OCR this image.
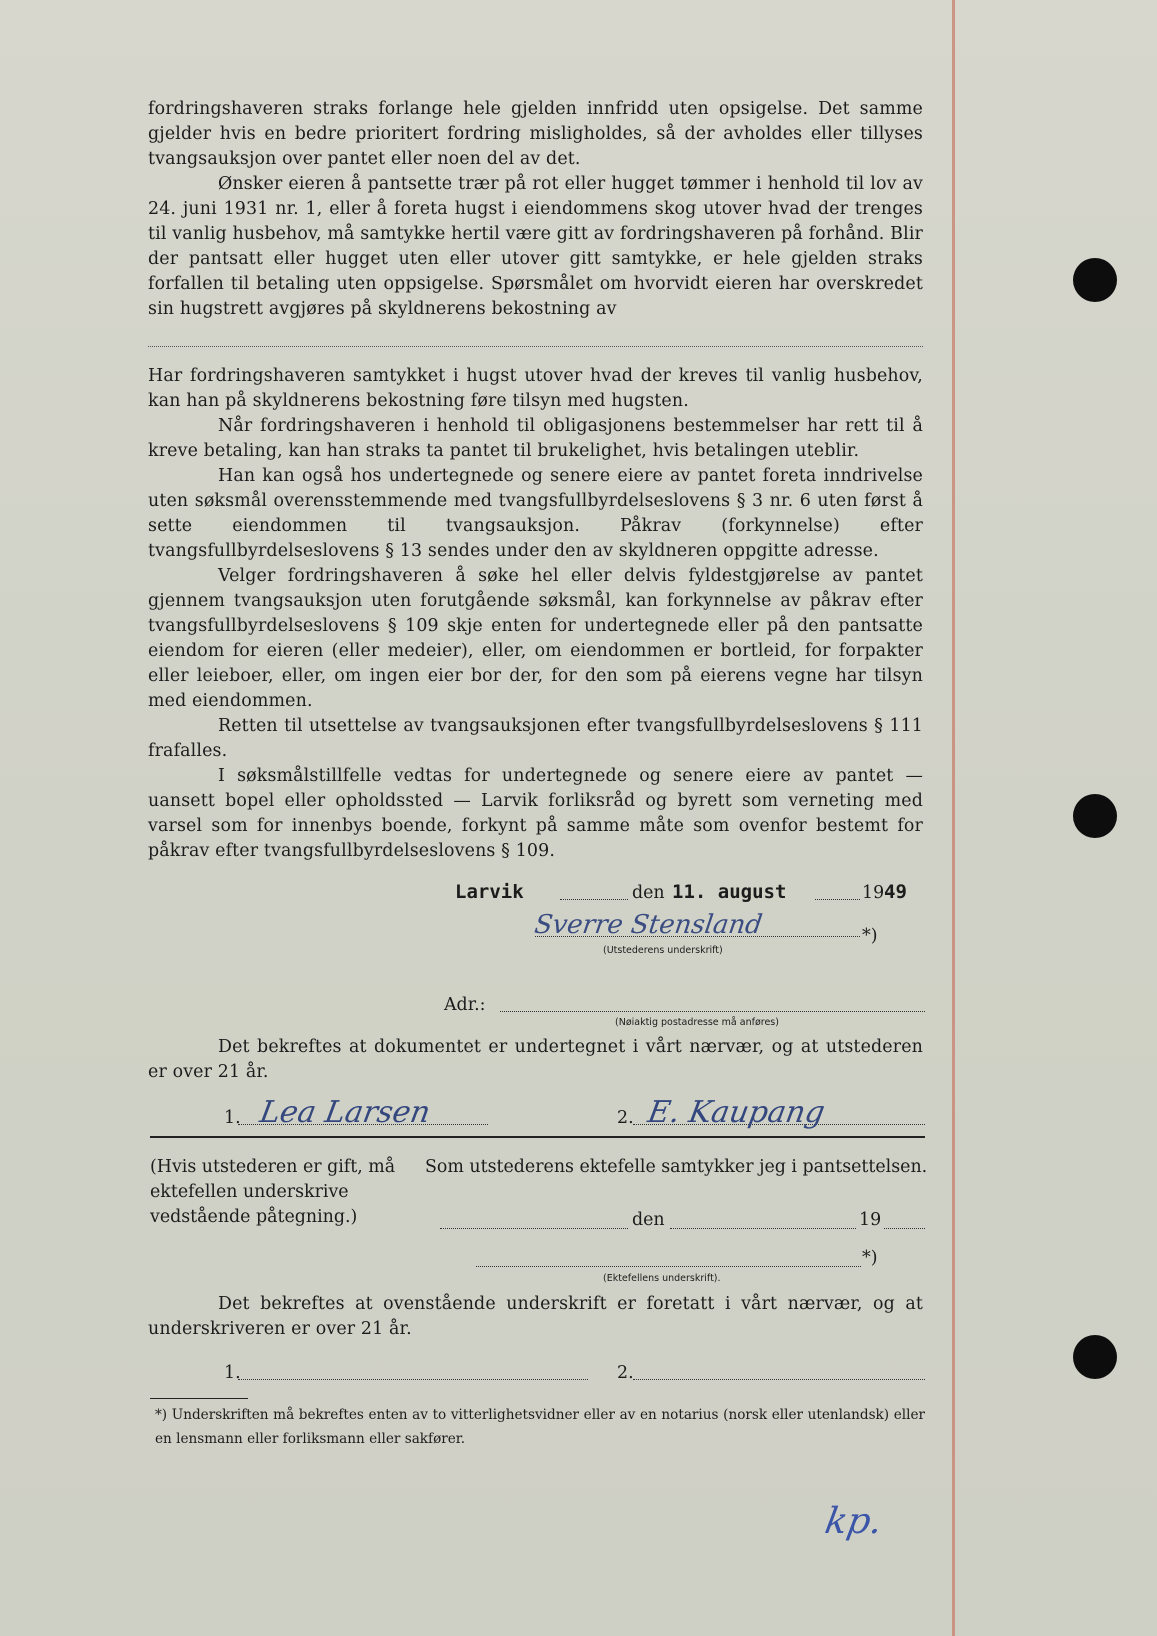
fordringshaveren straks forlange hele gjelden innfridd uten opsigelse. Det samme gjelder hvis en bedre prioritert fordring misligholdes, så der avholdes eller tillyses tvangsauksjon over pantet eller noen del av det.

Ønsker eieren å pantsette trær på rot eller hugget tømmer i henhold til lov av 24. juni 1931 nr. 1, eller å foreta hugst i eiendommens skog utover hvad der trenges til vanlig husbehov, må samtykke hertil være gitt av fordringshaveren på forhånd. Blir der pantsatt eller hugget uten eller utover gitt samtykke, er hele gjelden straks forfallen til betaling uten oppsigelse. Spørsmålet om hvorvidt eieren har overskredet sin hugstrett avgjøres på skyldnerens bekostning av

Har fordringshaveren samtykket i hugst utover hvad der kreves til vanlig husbehov, kan han på skyldnerens bekostning føre tilsyn med hugsten.

Når fordringshaveren i henhold til obligasjonens bestemmelser har rett til å kreve betaling, kan han straks ta pantet til brukelighet, hvis betalingen uteblir.

Han kan også hos undertegnede og senere eiere av pantet foreta inndrivelse uten søksmål overensstemmende med tvangsfullbyrdelseslovens § 3 nr. 6 uten først å sette eiendommen til tvangsauksjon. Påkrav (forkynnelse) efter tvangsfullbyrdelseslovens § 13 sendes under den av skyldneren oppgitte adresse.

Velger fordringshaveren å søke hel eller delvis fyldestgjørelse av pantet gjennem tvangsauksjon uten forutgående søksmål, kan forkynnelse av påkrav efter tvangsfullbyrdelseslovens § 109 skje enten for undertegnede eller på den pantsatte eiendom for eieren (eller medeier), eller, om eiendommen er bortleid, for forpakter eller leieboer, eller, om ingen eier bor der, for den som på eierens vegne har tilsyn med eiendommen.

Retten til utsettelse av tvangsauksjonen efter tvangsfullbyrdelseslovens § 111 frafalles.

I søksmålstillfelle vedtas for undertegnede og senere eiere av pantet — uansett bopel eller opholdssted — Larvik forliksråd og byrett som verneting med varsel som for innenbys boende, forkynt på samme måte som ovenfor bestemt for påkrav efter tvangsfullbyrdelseslovens § 109.

Larvik	den 11. august	19 49
Sverre Stensland	*)
(Utstederens underskrift)
Adr.:
(Nøiaktig postadresse må anføres)

Det bekreftes at dokumentet er undertegnet i vårt nærvær, og at utstederen er over 21 år.

1. Lea Larsen	2. E. Kaupang
(Hvis utstederen er gift, må ektefellen underskrive vedstående påtegning.)
Som utstederens ektefelle samtykker jeg i pantsettelsen.
den	19
*)
(Ektefellens underskrift).

Det bekreftes at ovenstående underskrift er foretatt i vårt nærvær, og at underskriveren er over 21 år.

1.	2.
*) Underskriften må bekreftes enten av to vitterlighetsvidner eller av en notarius (norsk eller utenlandsk) eller en lensmann eller forliksmann eller sakfører.
kp.
